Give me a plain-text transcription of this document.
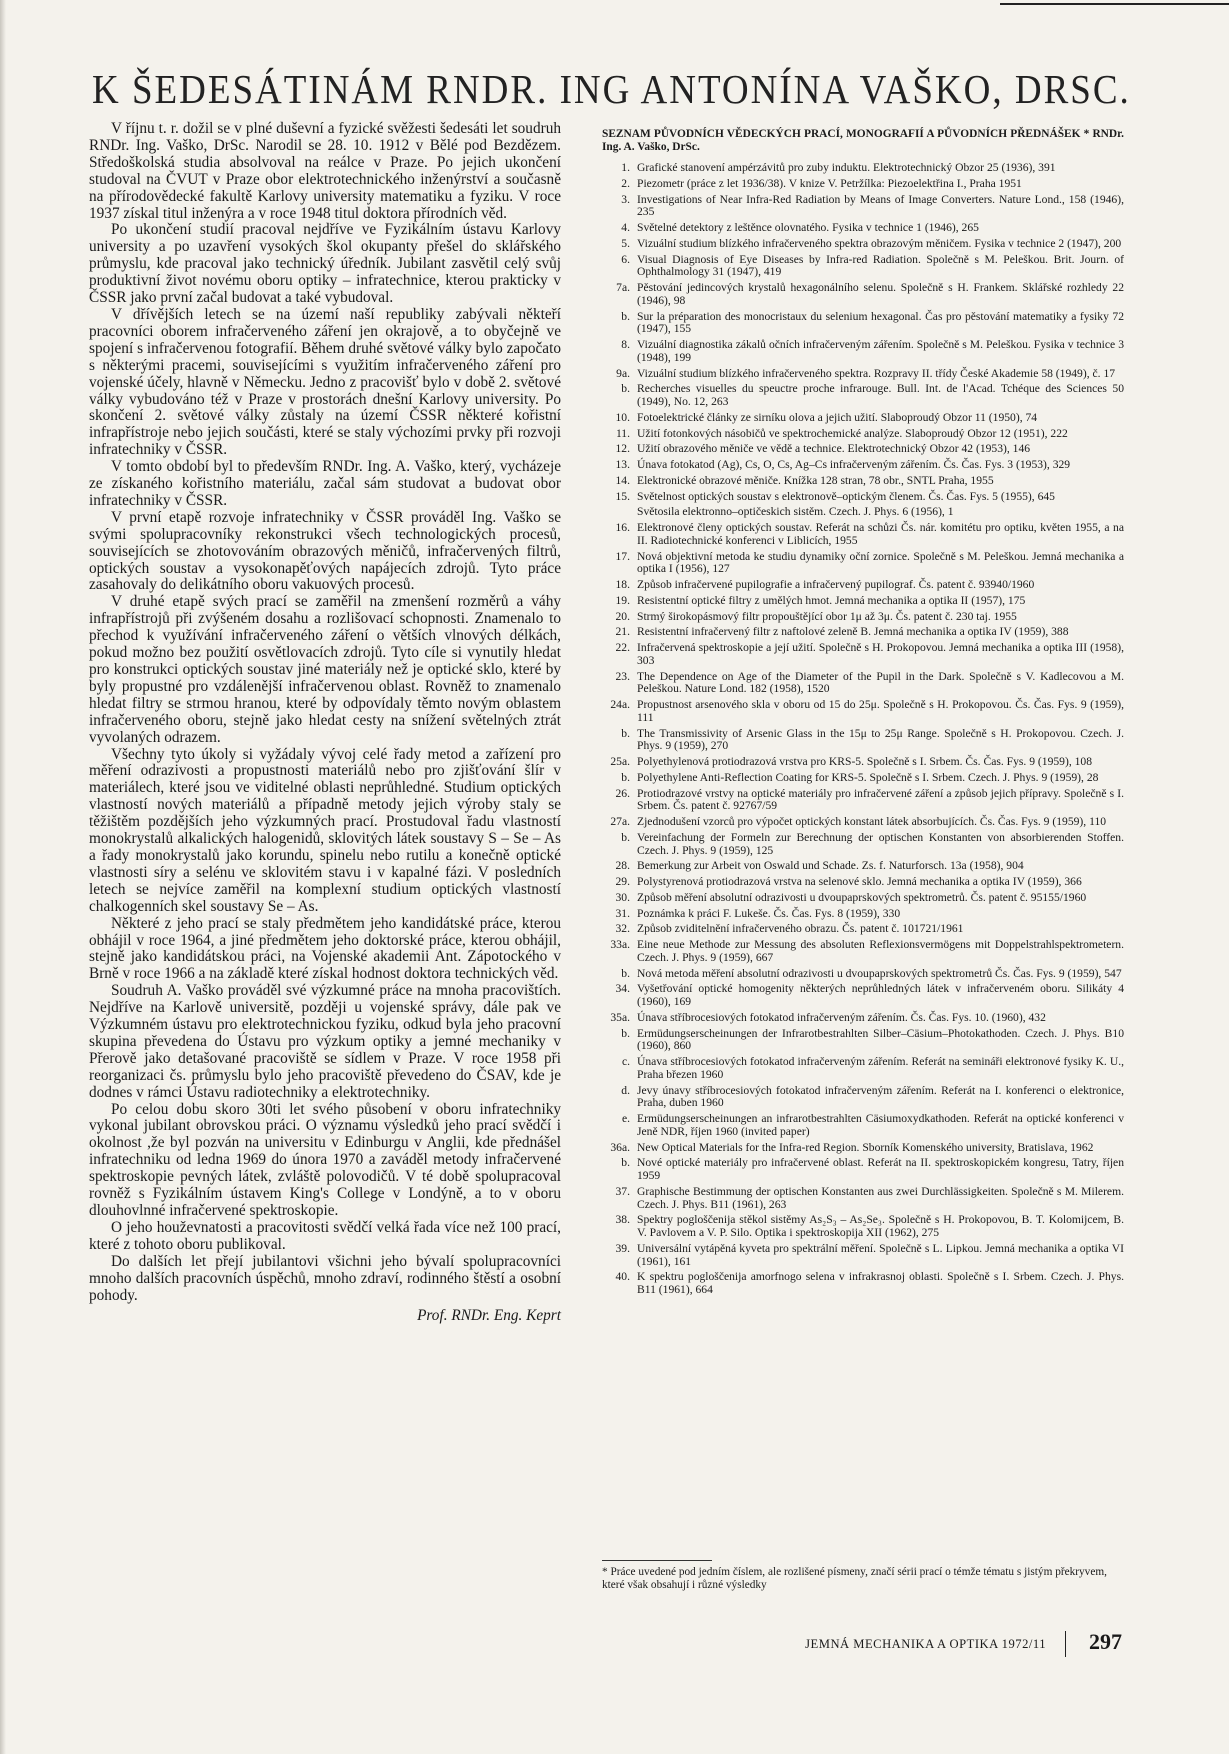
K ŠEDESÁTINÁM RNDR. ING ANTONÍNA VAŠKO, DRSC.

V říjnu t. r. dožil se v plné duševní a fyzické svěžesti šedesáti let soudruh RNDr. Ing. Vaško, DrSc. Narodil se 28. 10. 1912 v Bělé pod Bezdězem. Středoškolská studia absolvoval na reálce v Praze. Po jejich ukončení studoval na ČVUT v Praze obor elektrotechnického inženýrství a současně na přírodovědecké fakultě Karlovy university matematiku a fyziku. V roce 1937 získal titul inženýra a v roce 1948 titul doktora přírodních věd.

Po ukončení studií pracoval nejdříve ve Fyzikálním ústavu Karlovy university a po uzavření vysokých škol okupanty přešel do sklářského průmyslu, kde pracoval jako technický úředník. Jubilant zasvětil celý svůj produktivní život novému oboru optiky – infratechnice, kterou prakticky v ČSSR jako první začal budovat a také vybudoval.

V dřívějších letech se na území naší republiky zabývali někteří pracovníci oborem infračerveného záření jen okrajově, a to obyčejně ve spojení s infračervenou fotografií. Během druhé světové války bylo započato s některými pracemi, souvisejícími s využitím infračerveného záření pro vojenské účely, hlavně v Německu. Jedno z pracovišť bylo v době 2. světové války vybudováno též v Praze v prostorách dnešní Karlovy university. Po skončení 2. světové války zůstaly na území ČSSR některé kořistní infrapřístroje nebo jejich součásti, které se staly výchozími prvky při rozvoji infratechniky v ČSSR.

V tomto období byl to především RNDr. Ing. A. Vaško, který, vycházeje ze získaného kořistního materiálu, začal sám studovat a budovat obor infratechniky v ČSSR.

V první etapě rozvoje infratechniky v ČSSR prováděl Ing. Vaško se svými spolupracovníky rekonstrukci všech technologických procesů, souvisejících se zhotovováním obrazových měničů, infračervených filtrů, optických soustav a vysokonapěťových napájecích zdrojů. Tyto práce zasahovaly do delikátního oboru vakuových procesů.

V druhé etapě svých prací se zaměřil na zmenšení rozměrů a váhy infrapřístrojů při zvýšeném dosahu a rozlišovací schopnosti. Znamenalo to přechod k využívání infračerveného záření o větších vlnových délkách, pokud možno bez použití osvětlovacích zdrojů. Tyto cíle si vynutily hledat pro konstrukci optických soustav jiné materiály než je optické sklo, které by byly propustné pro vzdálenější infračervenou oblast. Rovněž to znamenalo hledat filtry se strmou hranou, které by odpovídaly těmto novým oblastem infračerveného oboru, stejně jako hledat cesty na snížení světelných ztrát vyvolaných odrazem.

Všechny tyto úkoly si vyžádaly vývoj celé řady metod a zařízení pro měření odrazivosti a propustnosti materiálů nebo pro zjišťování šlír v materiálech, které jsou ve viditelné oblasti neprůhledné. Studium optických vlastností nových materiálů a případně metody jejich výroby staly se těžištěm pozdějších jeho výzkumných prací. Prostudoval řadu vlastností monokrystalů alkalických halogenidů, sklovitých látek soustavy S – Se – As a řady monokrystalů jako korundu, spinelu nebo rutilu a konečně optické vlastnosti síry a selénu ve sklovitém stavu i v kapalné fázi. V posledních letech se nejvíce zaměřil na komplexní studium optických vlastností chalkogenních skel soustavy Se – As.

Některé z jeho prací se staly předmětem jeho kandidátské práce, kterou obhájil v roce 1964, a jiné předmětem jeho doktorské práce, kterou obhájil, stejně jako kandidátskou práci, na Vojenské akademii Ant. Zápotockého v Brně v roce 1966 a na základě které získal hodnost doktora technických věd.

Soudruh A. Vaško prováděl své výzkumné práce na mnoha pracovištích. Nejdříve na Karlově universitě, později u vojenské správy, dále pak ve Výzkumném ústavu pro elektrotechnickou fyziku, odkud byla jeho pracovní skupina převedena do Ústavu pro výzkum optiky a jemné mechaniky v Přerově jako detašované pracoviště se sídlem v Praze. V roce 1958 při reorganizaci čs. průmyslu bylo jeho pracoviště převedeno do ČSAV, kde je dodnes v rámci Ústavu radiotechniky a elektrotechniky.

Po celou dobu skoro 30ti let svého působení v oboru infratechniky vykonal jubilant obrovskou práci. O významu výsledků jeho prací svědčí i okolnost ,že byl pozván na universitu v Edinburgu v Anglii, kde přednášel infratechniku od ledna 1969 do února 1970 a zaváděl metody infračervené spektroskopie pevných látek, zvláště polovodičů. V té době spolupracoval rovněž s Fyzikálním ústavem King's College v Londýně, a to v oboru dlouhovlnné infračervené spektroskopie.

O jeho houževnatosti a pracovitosti svědčí velká řada více než 100 prací, které z tohoto oboru publikoval.

Do dalších let přejí jubilantovi všichni jeho bývalí spolupracovníci mnoho dalších pracovních úspěchů, mnoho zdraví, rodinného štěstí a osobní pohody.

Prof. RNDr. Eng. Keprt
SEZNAM PŮVODNÍCH VĚDECKÝCH PRACÍ, MONOGRAFIÍ A PŮVODNÍCH PŘEDNÁŠEK * RNDr. Ing. A. Vaško, DrSc.
1. Grafické stanovení ampérzávitů pro zuby induktu. Elektrotechnický Obzor 25 (1936), 391
2. Piezometr (práce z let 1936/38). V knize V. Petržílka: Piezoelektřina I., Praha 1951
3. Investigations of Near Infra-Red Radiation by Means of Image Converters. Nature Lond., 158 (1946), 235
4. Světelné detektory z leštěnce olovnatého. Fysika v technice 1 (1946), 265
5. Vizuální studium blízkého infračerveného spektra obrazovým měničem. Fysika v technice 2 (1947), 200
6. Visual Diagnosis of Eye Diseases by Infra-red Radiation. Společně s M. Peleškou. Brit. Journ. of Ophthalmology 31 (1947), 419
7a. Pěstování jedincových krystalů hexagonálního selenu. Společně s H. Frankem. Sklářské rozhledy 22 (1946), 98
b. Sur la préparation des monocristaux du selenium hexagonal. Čas pro pěstování matematiky a fysiky 72 (1947), 155
8. Vizuální diagnostika zákalů očních infračerveným zářením. Společně s M. Peleškou. Fysika v technice 3 (1948), 199
9a. Vizuální studium blízkého infračerveného spektra. Rozpravy II. třídy České Akademie 58 (1949), č. 17
b. Recherches visuelles du speuctre proche infrarouge. Bull. Int. de l'Acad. Tchéque des Sciences 50 (1949), No. 12, 263
10. Fotoelektrické články ze sirníku olova a jejich užití. Slaboproudý Obzor 11 (1950), 74
11. Užití fotonkových násobičů ve spektrochemické analýze. Slaboproudý Obzor 12 (1951), 222
12. Užití obrazového měniče ve vědě a technice. Elektrotechnický Obzor 42 (1953), 146
13. Únava fotokatod (Ag), Cs, O, Cs, Ag–Cs infračerveným zářením. Čs. Čas. Fys. 3 (1953), 329
14. Elektronické obrazové měniče. Knížka 128 stran, 78 obr., SNTL Praha, 1955
15. Světelnost optických soustav s elektronově–optickým členem. Čs. Čas. Fys. 5 (1955), 645
Světosila elektronno–optičeskich sistěm. Czech. J. Phys. 6 (1956), 1
16. Elektronové členy optických soustav. Referát na schůzi Čs. nár. komitétu pro optiku, květen 1955, a na II. Radiotechnické konferenci v Liblicích, 1955
17. Nová objektivní metoda ke studiu dynamiky oční zornice. Společně s M. Peleškou. Jemná mechanika a optika I (1956), 127
18. Způsob infračervené pupilografie a infračervený pupilograf. Čs. patent č. 93940/1960
19. Resistentní optické filtry z umělých hmot. Jemná mechanika a optika II (1957), 175
20. Strmý širokopásmový filtr propouštějící obor 1μ až 3μ. Čs. patent č. 230 taj. 1955
21. Resistentní infračervený filtr z naftolové zeleně B. Jemná mechanika a optika IV (1959), 388
22. Infračervená spektroskopie a její užití. Společně s H. Prokopovou. Jemná mechanika a optika III (1958), 303
23. The Dependence on Age of the Diameter of the Pupil in the Dark. Společně s V. Kadlecovou a M. Peleškou. Nature Lond. 182 (1958), 1520
24a. Propustnost arsenového skla v oboru od 15 do 25μ. Společně s H. Prokopovou. Čs. Čas. Fys. 9 (1959), 111
b. The Transmissivity of Arsenic Glass in the 15μ to 25μ Range. Společně s H. Prokopovou. Czech. J. Phys. 9 (1959), 270
25a. Polyethylenová protiodrazová vrstva pro KRS-5. Společně s I. Srbem. Čs. Čas. Fys. 9 (1959), 108
b. Polyethylene Anti-Reflection Coating for KRS-5. Společně s I. Srbem. Czech. J. Phys. 9 (1959), 28
26. Protiodrazové vrstvy na optické materiály pro infračervené záření a způsob jejich přípravy. Společně s I. Srbem. Čs. patent č. 92767/59
27a. Zjednodušení vzorců pro výpočet optických konstant látek absorbujících. Čs. Čas. Fys. 9 (1959), 110
b. Vereinfachung der Formeln zur Berechnung der optischen Konstanten von absorbierenden Stoffen. Czech. J. Phys. 9 (1959), 125
28. Bemerkung zur Arbeit von Oswald und Schade. Zs. f. Naturforsch. 13a (1958), 904
29. Polystyrenová protiodrazová vrstva na selenové sklo. Jemná mechanika a optika IV (1959), 366
30. Způsob měření absolutní odrazivosti u dvoupaprskových spektrometrů. Čs. patent č. 95155/1960
31. Poznámka k práci F. Lukeše. Čs. Čas. Fys. 8 (1959), 330
32. Způsob zviditelnění infračerveného obrazu. Čs. patent č. 101721/1961
33a. Eine neue Methode zur Messung des absoluten Reflexionsvermögens mit Doppelstrahlspektrometern. Czech. J. Phys. 9 (1959), 667
b. Nová metoda měření absolutní odrazivosti u dvoupaprskových spektrometrů Čs. Čas. Fys. 9 (1959), 547
34. Vyšetřování optické homogenity některých neprůhledných látek v infračerveném oboru. Silikáty 4 (1960), 169
35a. Únava stříbrocesiových fotokatod infračerveným zářením. Čs. Čas. Fys. 10. (1960), 432
b. Ermüdungserscheinungen der Infrarotbestrahlten Silber–Cäsium–Photokathoden. Czech. J. Phys. B10 (1960), 860
c. Únava stříbrocesiových fotokatod infračerveným zářením. Referát na semináři elektronové fysiky K. U., Praha březen 1960
d. Jevy únavy stříbrocesiových fotokatod infračerveným zářením. Referát na I. konferenci o elektronice, Praha, duben 1960
e. Ermüdungserscheinungen an infrarotbestrahlten Cäsiumoxydkathoden. Referát na optické konferenci v Jeně NDR, říjen 1960 (invited paper)
36a. New Optical Materials for the Infra-red Region. Sborník Komenského university, Bratislava, 1962
b. Nové optické materiály pro infračervené oblast. Referát na II. spektroskopickém kongresu, Tatry, říjen 1959
37. Graphische Bestimmung der optischen Konstanten aus zwei Durchlässigkeiten. Společně s M. Milerem. Czech. J. Phys. B11 (1961), 263
38. Spektry pogloščenija stěkol sistěmy As₂S₃ – As₂Se₃. Společně s H. Prokopovou, B. T. Kolomijcem, B. V. Pavlovem a V. P. Silo. Optika i spektroskopija XII (1962), 275
39. Universální vytápěná kyveta pro spektrální měření. Společně s L. Lipkou. Jemná mechanika a optika VI (1961), 161
40. K spektru pogloščenija amorfnogo selena v infrakrasnoj oblasti. Společně s I. Srbem. Czech. J. Phys. B11 (1961), 664
* Práce uvedené pod jedním číslem, ale rozlišené písmeny, značí sérii prací o témže tématu s jistým překryvem, které však obsahují i různé výsledky
JEMNÁ MECHANIKA A OPTIKA 1972/11 297
